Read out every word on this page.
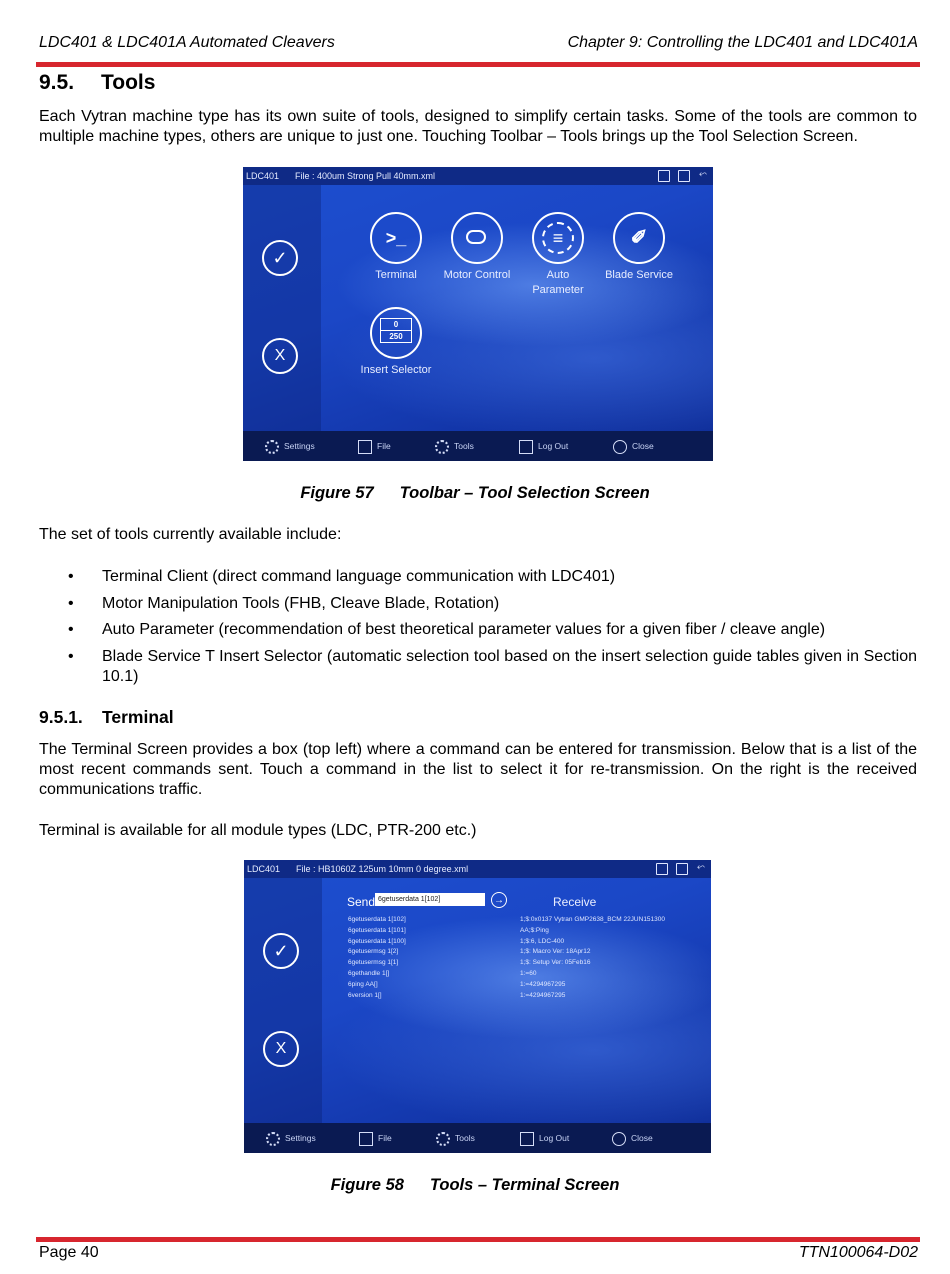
LDC401 & LDC401A Automated Cleavers	Chapter 9: Controlling the LDC401 and LDC401A
9.5. Tools
Each Vytran machine type has its own suite of tools, designed to simplify certain tasks. Some of the tools are common to multiple machine types, others are unique to just one. Touching Toolbar – Tools brings up the Tool Selection Screen.
LDC401 File : 400um Strong Pull 40mm.xml	⬿
✓
X
>_
Terminal	Motor Control
≡	Auto Parameter
✐
Blade Service
$\frac{0}{250}$
Insert Selector
Settings	File	Tools	Log Out	Close
Figure 57 Toolbar – Tool Selection Screen
The set of tools currently available include:
• Terminal Client (direct command language communication with LDC401)
• Motor Manipulation Tools (FHB, Cleave Blade, Rotation)
• Auto Parameter (recommendation of best theoretical parameter values for a given fiber / cleave angle)
• Blade Service T Insert Selector (automatic selection tool based on the insert selection guide tables given in Section 10.1)
9.5.1. Terminal
The Terminal Screen provides a box (top left) where a command can be entered for transmission. Below that is a list of the most recent commands sent. Touch a command in the list to select it for re-transmission. On the right is the received communications traffic.
Terminal is available for all module types (LDC, PTR-200 etc.)
LDC401 File : HB1060Z 125um 10mm 0 degree.xml	⬿
✓
X
Send 6getuserdata 1[102]	→	Receive
6getuserdata 1[102]
6getuserdata 1[101]
6getuserdata 1[100]
6getusermsg 1[2]
6getusermsg 1[1]
6gethandle 1[]
6ping AA[]
6version 1[]
1;$:0x0137 Vytran GMP2638_BCM 22JUN151300
AA;$:Ping
1;$:6, LDC-400
1;$: Macro Ver: 18Apr12
1;$: Setup Ver: 05Feb16
1:=60
1:=4294967295
1:=4294967295
Settings	File	Tools	Log Out	Close
Figure 58 Tools – Terminal Screen
Page 40	TTN100064-D02
